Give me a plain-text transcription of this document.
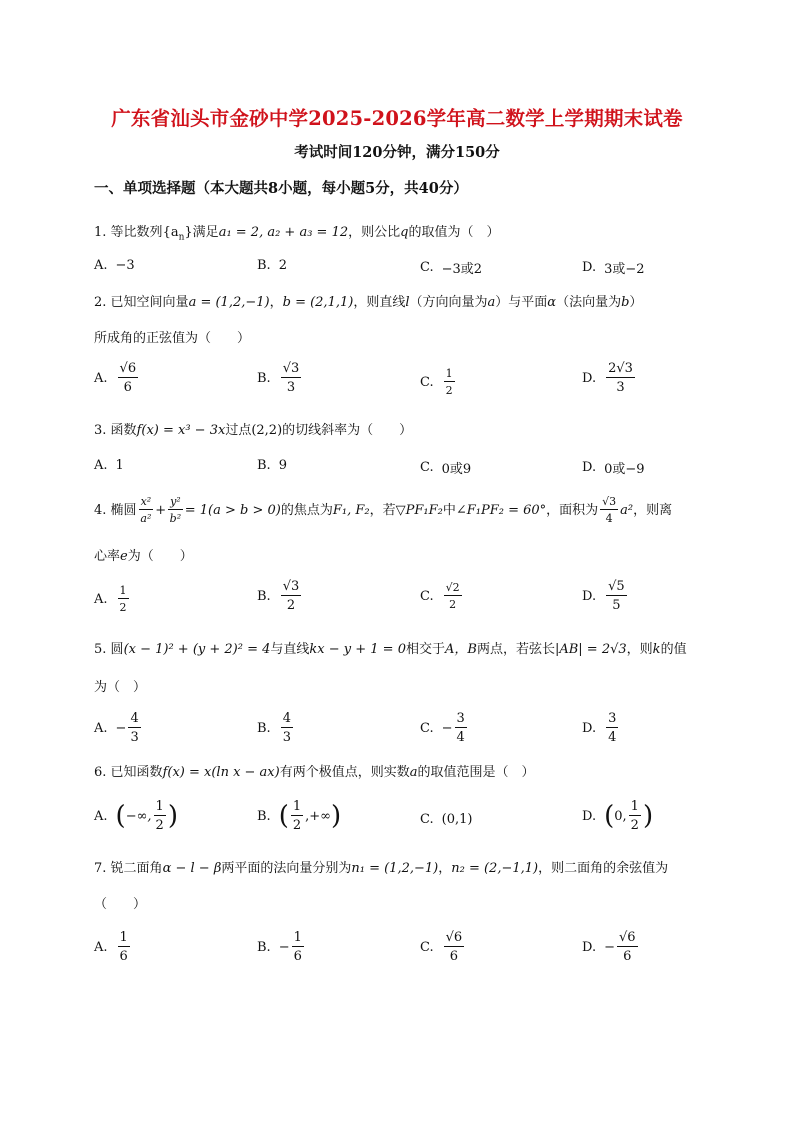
广东省汕头市金砂中学2025-2026学年高二数学上学期期末试卷
考试时间120分钟，满分150分
一、单项选择题（本大题共8小题，每小题5分，共40分）
1. 等比数列$\{a_n\}$满足a₁ = 2, a₂ + a₃ = 12，则公比q的取值为（　）
A. −3	B. 2	C. −3或2	D. 3或−2
2. 已知空间向量a = (1,2,−1)，b = (2,1,1)，则直线l（方向向量为a）与平面α（法向量为b）
所成角的正弦值为（　　）
A. $\frac{√6}{6}$	B. $\frac{√3}{3}$	C. $\frac{1}{2}$	D. $\frac{2√3}{3}$
3. 函数f(x) = x³ − 3x过点(2,2)的切线斜率为（　　）
A. 1	B. 9	C. 0或9	D. 0或−9
4.
椭圆 $\frac{\text{x²}}{\text{a²}} + \frac{\text{y²}}{\text{b²}} = 1(a > b > 0)$ 的焦点为 F₁, F₂ ，若 ▽PF₁F₂ 中 ∠F₁PF₂ = 60° ，面积为 $\frac{√3}{4} a^2$ ，则离
心率e为（　　）
A. $\frac{1}{2}$	B. $\frac{√3}{2}$	C. $\frac{√2}{2}$	D. $\frac{√5}{5}$
5. 圆(x − 1)² + (y + 2)² = 4与直线kx − y + 1 = 0相交于A，B两点，若弦长|AB| = 2√3，则k的值
为（　）
A. − $\frac{4}{3}$	B. $\frac{4}{3}$	C. − $\frac{3}{4}$	D. $\frac{3}{4}$
6. 已知函数f(x) = x(ln x − ax)有两个极值点，则实数a的取值范围是（　）
A. ( −∞, $\frac{1}{2}$ )	B. ( $\frac{1}{2}$ ,+∞ )	C. (0,1)	D. ( 0, $\frac{1}{2}$ )
7. 锐二面角α − l − β两平面的法向量分别为n₁ = (1,2,−1)，n₂ = (2,−1,1)，则二面角的余弦值为
（　　）
A. $\frac{1}{6}$	B. − $\frac{1}{6}$	C. $\frac{√6}{6}$	D. − $\frac{√6}{6}$
